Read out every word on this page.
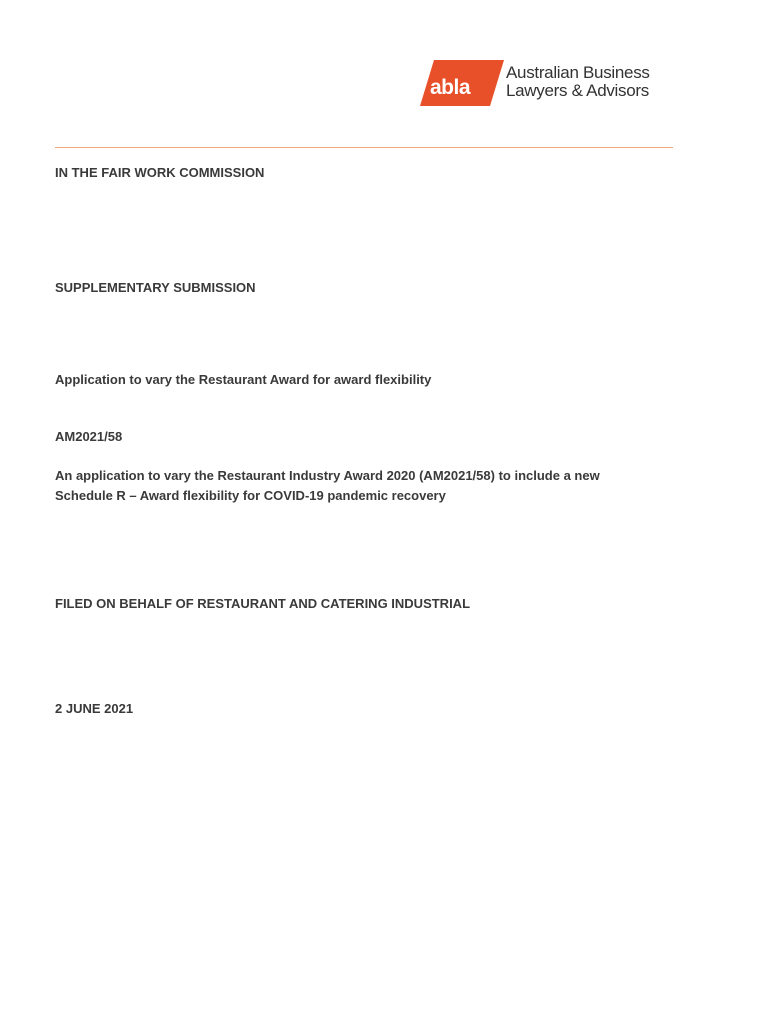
abla
Australian Business
Lawyers & Advisors
IN THE FAIR WORK COMMISSION
SUPPLEMENTARY SUBMISSION
Application to vary the Restaurant Award for award flexibility
AM2021/58
An application to vary the Restaurant Industry Award 2020 (AM2021/58) to include a new
Schedule R – Award flexibility for COVID-19 pandemic recovery
FILED ON BEHALF OF RESTAURANT AND CATERING INDUSTRIAL
2 JUNE 2021
